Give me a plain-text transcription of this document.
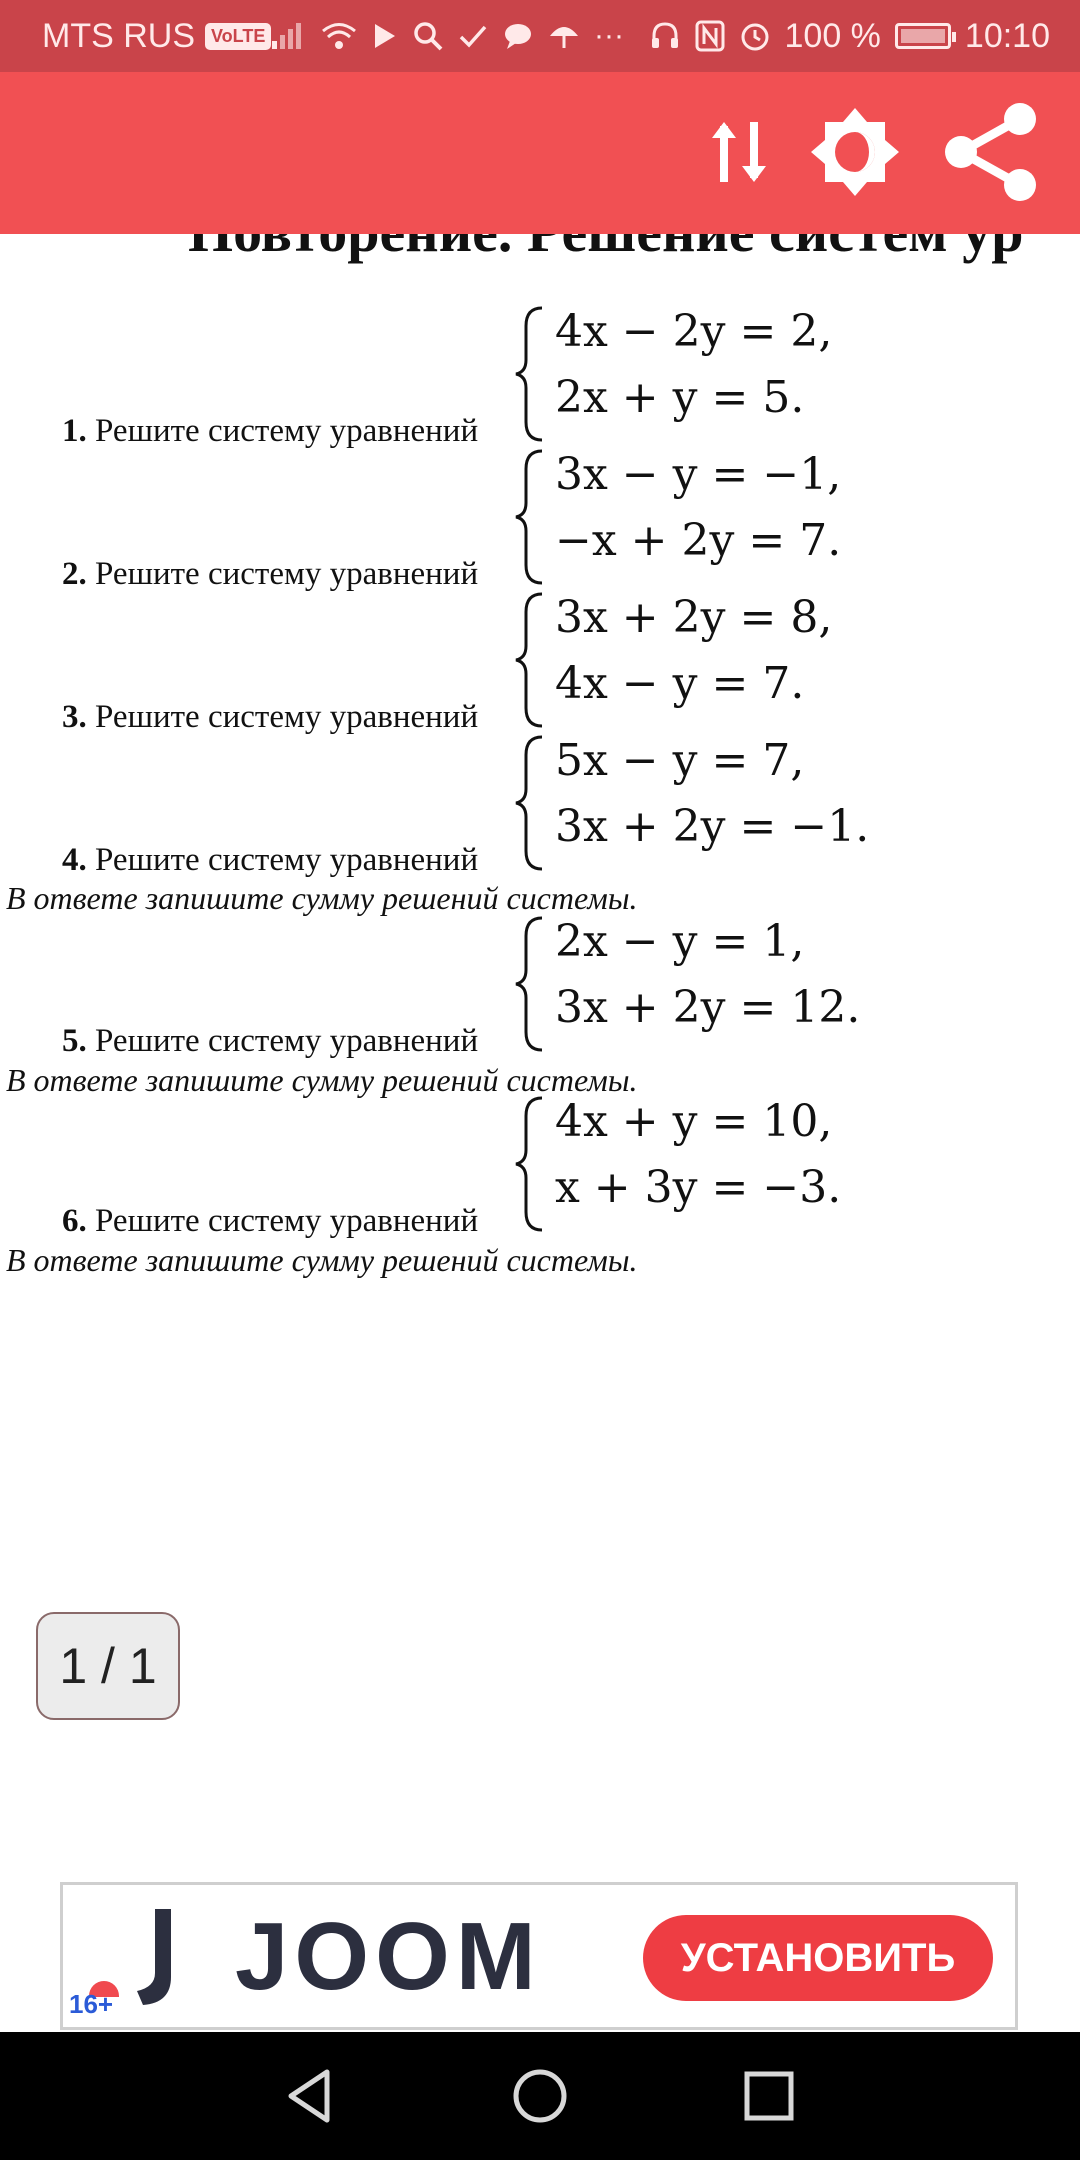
MTS RUS VoLTE	···	100 % 10:10
1. Решите систему уравнений
4x − 2y = 2,
2x + y = 5.
2. Решите систему уравнений
3x − y = −1,
−x + 2y = 7.
3. Решите систему уравнений
3x + 2y = 8,
4x − y = 7.
4. Решите систему уравнений
5x − y = 7,
3x + 2y = −1.
В ответе запишите сумму решений системы.
5. Решите систему уравнений
2x − y = 1,
3x + 2y = 12.
В ответе запишите сумму решений системы.
6. Решите систему уравнений
4x + y = 10,
x + 3y = −3.
В ответе запишите сумму решений системы.
1 / 1
16+ JOOM	УСТАНОВИТЬ
